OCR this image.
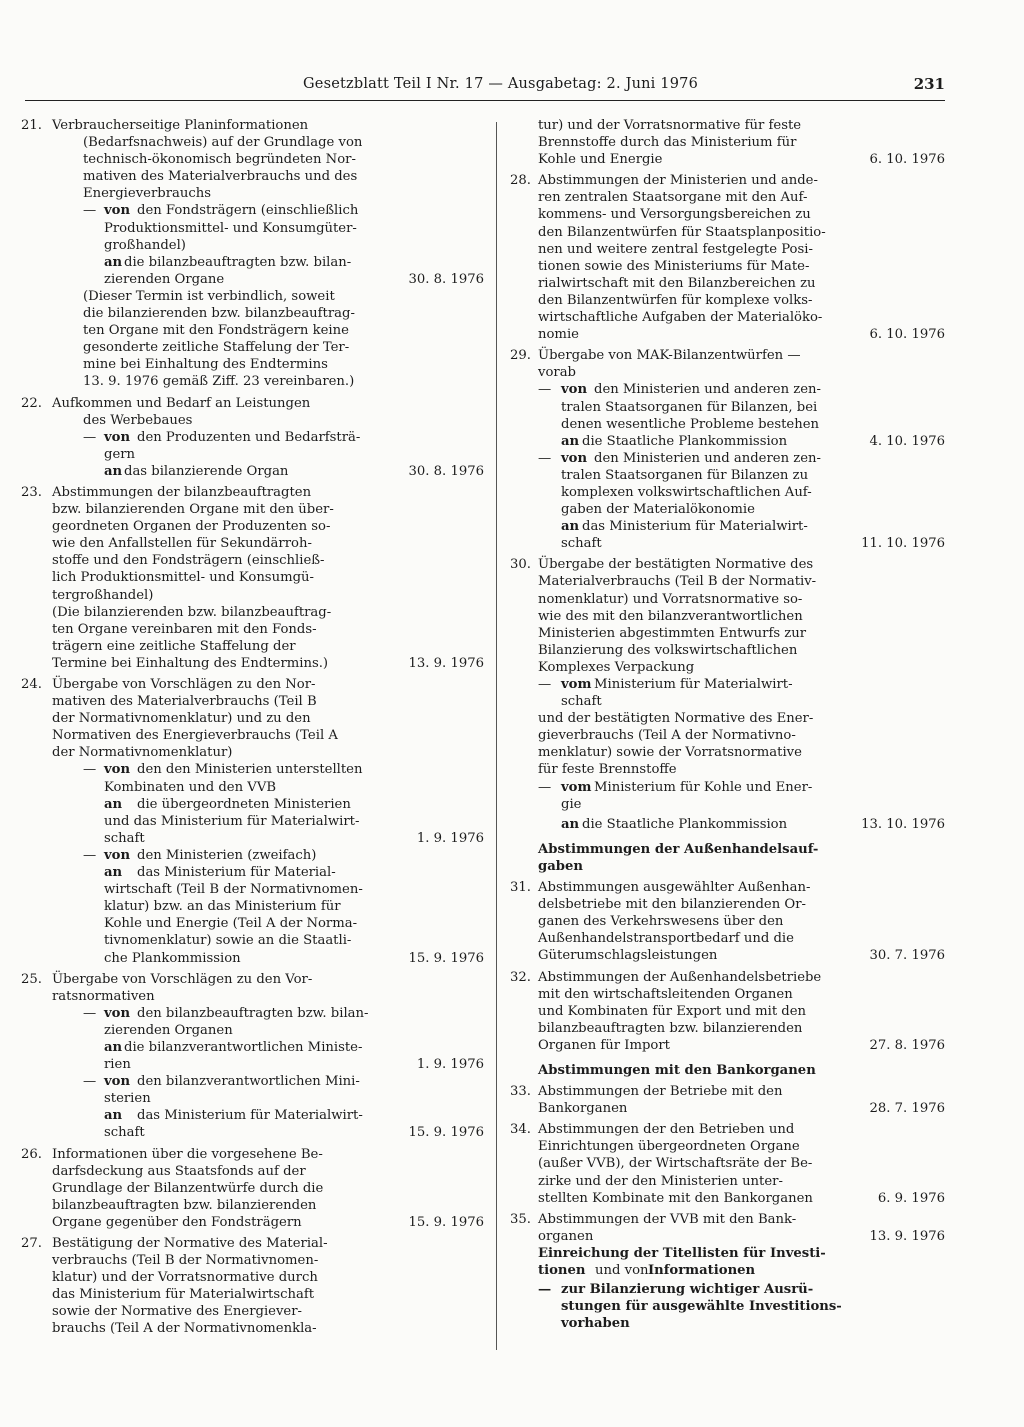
Gesetzblatt Teil I Nr. 17 — Ausgabetag: 2. Juni 1976	231
21. Verbraucherseitige Planinformationen
(Bedarfsnachweis) auf der Grundlage von
technisch-ökonomisch begründeten Nor-
mativen des Materialverbrauchs und des
Energieverbrauchs
— von den Fondsträgern (einschließlich
Produktionsmittel- und Konsumgüter-
großhandel)
an die bilanzbeauftragten bzw. bilan-
zierenden Organe	30. 8. 1976
(Dieser Termin ist verbindlich, soweit
die bilanzierenden bzw. bilanzbeauftrag-
ten Organe mit den Fondsträgern keine
gesonderte zeitliche Staffelung der Ter-
mine bei Einhaltung des Endtermins
13. 9. 1976 gemäß Ziff. 23 vereinbaren.)
22. Aufkommen und Bedarf an Leistungen
des Werbebaues
— von den Produzenten und Bedarfsträ-
gern
an das bilanzierende Organ	30. 8. 1976
23. Abstimmungen der bilanzbeauftragten
bzw. bilanzierenden Organe mit den über-
geordneten Organen der Produzenten so-
wie den Anfallstellen für Sekundärroh-
stoffe und den Fondsträgern (einschließ-
lich Produktionsmittel- und Konsumgü-
tergroßhandel)
(Die bilanzierenden bzw. bilanzbeauftrag-
ten Organe vereinbaren mit den Fonds-
trägern eine zeitliche Staffelung der
Termine bei Einhaltung des Endtermins.)	13. 9. 1976
24. Übergabe von Vorschlägen zu den Nor-
mativen des Materialverbrauchs (Teil B
der Normativnomenklatur) und zu den
Normativen des Energieverbrauchs (Teil A
der Normativnomenklatur)
— von den den Ministerien unterstellten
Kombinaten und den VVB
an die übergeordneten Ministerien
und das Ministerium für Materialwirt-
schaft	1. 9. 1976
— von den Ministerien (zweifach)
an das Ministerium für Material-
wirtschaft (Teil B der Normativnomen-
klatur) bzw. an das Ministerium für
Kohle und Energie (Teil A der Norma-
tivnomenklatur) sowie an die Staatli-
che Plankommission	15. 9. 1976
25. Übergabe von Vorschlägen zu den Vor-
ratsnormativen
— von den bilanzbeauftragten bzw. bilan-
zierenden Organen
an die bilanzverantwortlichen Ministe-
rien	1. 9. 1976
— von den bilanzverantwortlichen Mini-
sterien
an das Ministerium für Materialwirt-
schaft	15. 9. 1976
26. Informationen über die vorgesehene Be-
darfsdeckung aus Staatsfonds auf der
Grundlage der Bilanzentwürfe durch die
bilanzbeauftragten bzw. bilanzierenden
Organe gegenüber den Fondsträgern	15. 9. 1976
27. Bestätigung der Normative des Material-
verbrauchs (Teil B der Normativnomen-
klatur) und der Vorratsnormative durch
das Ministerium für Materialwirtschaft
sowie der Normative des Energiever-
brauchs (Teil A der Normativnomenkla-
tur) und der Vorratsnormative für feste
Brennstoffe durch das Ministerium für
Kohle und Energie	6. 10. 1976
28. Abstimmungen der Ministerien und ande-
ren zentralen Staatsorgane mit den Auf-
kommens- und Versorgungsbereichen zu
den Bilanzentwürfen für Staatsplanpositio-
nen und weitere zentral festgelegte Posi-
tionen sowie des Ministeriums für Mate-
rialwirtschaft mit den Bilanzbereichen zu
den Bilanzentwürfen für komplexe volks-
wirtschaftliche Aufgaben der Materialöko-
nomie	6. 10. 1976
29. Übergabe von MAK-Bilanzentwürfen —
vorab
— von den Ministerien und anderen zen-
tralen Staatsorganen für Bilanzen, bei
denen wesentliche Probleme bestehen
an die Staatliche Plankommission	4. 10. 1976
— von den Ministerien und anderen zen-
tralen Staatsorganen für Bilanzen zu
komplexen volkswirtschaftlichen Auf-
gaben der Materialökonomie
an das Ministerium für Materialwirt-
schaft	11. 10. 1976
30. Übergabe der bestätigten Normative des
Materialverbrauchs (Teil B der Normativ-
nomenklatur) und Vorratsnormative so-
wie des mit den bilanzverantwortlichen
Ministerien abgestimmten Entwurfs zur
Bilanzierung des volkswirtschaftlichen
Komplexes Verpackung
— vom Ministerium für Materialwirt-
schaft
und der bestätigten Normative des Ener-
gieverbrauchs (Teil A der Normativno-
menklatur) sowie der Vorratsnormative
für feste Brennstoffe
— vom Ministerium für Kohle und Ener-
gie
an die Staatliche Plankommission	13. 10. 1976
Abstimmungen der Außenhandelsauf-
gaben
31. Abstimmungen ausgewählter Außenhan-
delsbetriebe mit den bilanzierenden Or-
ganen des Verkehrswesens über den
Außenhandelstransportbedarf und die
Güterumschlagsleistungen	30. 7. 1976
32. Abstimmungen der Außenhandelsbetriebe
mit den wirtschaftsleitenden Organen
und Kombinaten für Export und mit den
bilanzbeauftragten bzw. bilanzierenden
Organen für Import	27. 8. 1976
Abstimmungen mit den Bankorganen
33. Abstimmungen der Betriebe mit den
Bankorganen	28. 7. 1976
34. Abstimmungen der den Betrieben und
Einrichtungen übergeordneten Organe
(außer VVB), der Wirtschaftsräte der Be-
zirke und der den Ministerien unter-
stellten Kombinate mit den Bankorganen	6. 9. 1976
35. Abstimmungen der VVB mit den Bank-
organen	13. 9. 1976
Einreichung der Titellisten für Investi-
tionen und von Informationen
— zur Bilanzierung wichtiger Ausrü-
stungen für ausgewählte Investitions-
vorhaben
